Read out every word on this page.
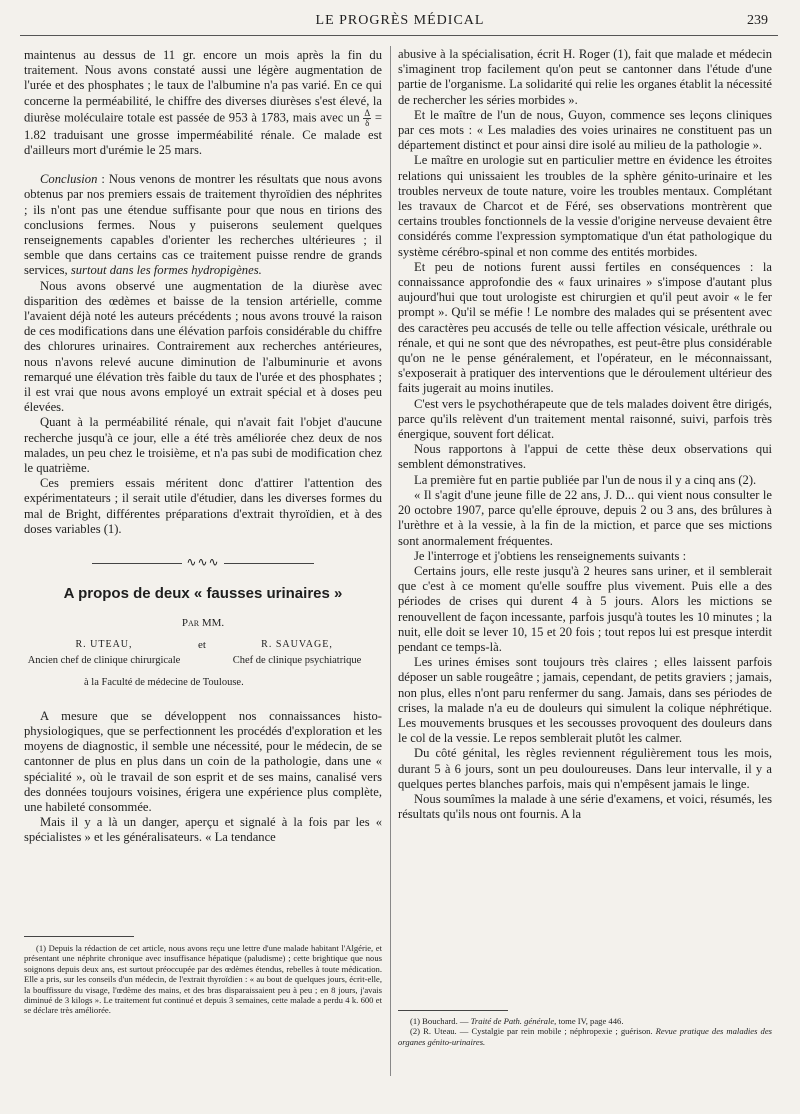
LE PROGRÈS MÉDICAL	239

maintenus au dessus de 11 gr. encore un mois après la fin du traitement. Nous avons constaté aussi une légère augmentation de l'urée et des phosphates ; le taux de l'albumine n'a pas varié. En ce qui concerne la perméabilité, le chiffre des diverses diurèses s'est élevé, la diurèse moléculaire totale est passée de 953 à 1783, mais avec un $\frac{\Delta}{\delta} = 1.82$ traduisant une grosse imperméabilité rénale. Ce malade est d'ailleurs mort d'urémie le 25 mars.

Conclusion : Nous venons de montrer les résultats que nous avons obtenus par nos premiers essais de traitement thyroïdien des néphrites ; ils n'ont pas une étendue suffisante pour que nous en tirions des conclusions fermes. Nous y puiserons seulement quelques renseignements capables d'orienter les recherches ultérieures ; il semble que dans certains cas ce traitement puisse rendre de grands services, surtout dans les formes hydropigènes.

Nous avons observé une augmentation de la diurèse avec disparition des œdèmes et baisse de la tension artérielle, comme l'avaient déjà noté les auteurs précédents ; nous avons trouvé la raison de ces modifications dans une élévation parfois considérable du chiffre des chlorures urinaires. Contrairement aux recherches antérieures, nous n'avons relevé aucune diminution de l'albuminurie et avons remarqué une élévation très faible du taux de l'urée et des phosphates ; il est vrai que nous avons employé un extrait spécial et à doses peu élevées.

Quant à la perméabilité rénale, qui n'avait fait l'objet d'aucune recherche jusqu'à ce jour, elle a été très améliorée chez deux de nos malades, un peu chez le troisième, et n'a pas subi de modification chez le quatrième.

Ces premiers essais méritent donc d'attirer l'attention des expérimentateurs ; il serait utile d'étudier, dans les diverses formes du mal de Bright, différentes préparations d'extrait thyroïdien, et à des doses variables (1).

∿∿∿
A propos de deux « fausses urinaires »
Par MM.
R. UTEAU,
Ancien chef de clinique chirurgicale
et	R. SAUVAGE,
Chef de clinique psychiatrique
à la Faculté de médecine de Toulouse.

A mesure que se développent nos connaissances histo-physiologiques, que se perfectionnent les procédés d'exploration et les moyens de diagnostic, il semble une nécessité, pour le médecin, de se cantonner de plus en plus dans un coin de la pathologie, dans une « spécialité », où le travail de son esprit et de ses mains, canalisé vers des données toujours voisines, érigera une expérience plus complète, une habileté consommée.

Mais il y a là un danger, aperçu et signalé à la fois par les « spécialistes » et les généralisateurs. « La tendance

(1) Depuis la rédaction de cet article, nous avons reçu une lettre d'une malade habitant l'Algérie, et présentant une néphrite chronique avec insuffisance hépatique (paludisme) ; cette brightique que nous soignons depuis deux ans, est surtout préoccupée par des œdèmes étendus, rebelles à toute médication. Elle a pris, sur les conseils d'un médecin, de l'extrait thyroïdien : « au bout de quelques jours, écrit-elle, la bouffissure du visage, l'œdème des mains, et des bras disparaissaient peu à peu ; en 8 jours, j'avais diminué de 3 kilogs ». Le traitement fut continué et depuis 3 semaines, cette malade a perdu 4 k. 600 et se déclare très améliorée.

abusive à la spécialisation, écrit H. Roger (1), fait que malade et médecin s'imaginent trop facilement qu'on peut se cantonner dans l'étude d'une partie de l'organisme. La solidarité qui relie les organes établit la nécessité de rechercher les séries morbides ».

Et le maître de l'un de nous, Guyon, commence ses leçons cliniques par ces mots : « Les maladies des voies urinaires ne constituent pas un département distinct et pour ainsi dire isolé au milieu de la pathologie ».

Le maître en urologie sut en particulier mettre en évidence les étroites relations qui unissaient les troubles de la sphère génito-urinaire et les troubles nerveux de toute nature, voire les troubles mentaux. Complétant les travaux de Charcot et de Féré, ses observations montrèrent que certains troubles fonctionnels de la vessie d'origine nerveuse devaient être considérés comme l'expression symptomatique d'un état pathologique du système cérébro-spinal et non comme des entités morbides.

Et peu de notions furent aussi fertiles en conséquences : la connaissance approfondie des « faux urinaires » s'impose d'autant plus aujourd'hui que tout urologiste est chirurgien et qu'il peut avoir « le fer prompt ». Qu'il se méfie ! Le nombre des malades qui se présentent avec des caractères peu accusés de telle ou telle affection vésicale, uréthrale ou rénale, et qui ne sont que des névropathes, est peut-être plus considérable qu'on ne le pense généralement, et l'opérateur, en le méconnaissant, s'exposerait à pratiquer des interventions que le déroulement ultérieur des faits jugerait au moins inutiles.

C'est vers le psychothérapeute que de tels malades doivent être dirigés, parce qu'ils relèvent d'un traitement mental raisonné, suivi, parfois très énergique, souvent fort délicat.

Nous rapportons à l'appui de cette thèse deux observations qui semblent démonstratives.

La première fut en partie publiée par l'un de nous il y a cinq ans (2).

« Il s'agit d'une jeune fille de 22 ans, J. D... qui vient nous consulter le 20 octobre 1907, parce qu'elle éprouve, depuis 2 ou 3 ans, des brûlures à l'urèthre et à la vessie, à la fin de la miction, et parce que ses mictions sont anormalement fréquentes.

Je l'interroge et j'obtiens les renseignements suivants :

Certains jours, elle reste jusqu'à 2 heures sans uriner, et il semblerait que c'est à ce moment qu'elle souffre plus vivement. Puis elle a des périodes de crises qui durent 4 à 5 jours. Alors les mictions se renouvellent de façon incessante, parfois jusqu'à toutes les 10 minutes ; la nuit, elle doit se lever 10, 15 et 20 fois ; tout repos lui est presque interdit pendant ce temps-là.

Les urines émises sont toujours très claires ; elles laissent parfois déposer un sable rougeâtre ; jamais, cependant, de petits graviers ; jamais, non plus, elles n'ont paru renfermer du sang. Jamais, dans ses périodes de crises, la malade n'a eu de douleurs qui simulent la colique néphrétique. Les mouvements brusques et les secousses provoquent des douleurs dans le col de la vessie. Le repos semblerait plutôt les calmer.

Du côté génital, les règles reviennent régulièrement tous les mois, durant 5 à 6 jours, sont un peu douloureuses. Dans leur intervalle, il y a quelques pertes blanches parfois, mais qui n'empêsent jamais le linge.

Nous soumîmes la malade à une série d'examens, et voici, résumés, les résultats qu'ils nous ont fournis. A la

(1) Bouchard. — Traité de Path. générale, tome IV, page 446.

(2) R. Uteau. — Cystalgie par rein mobile ; néphropexie ; guérison. Revue pratique des maladies des organes génito-urinaires.
